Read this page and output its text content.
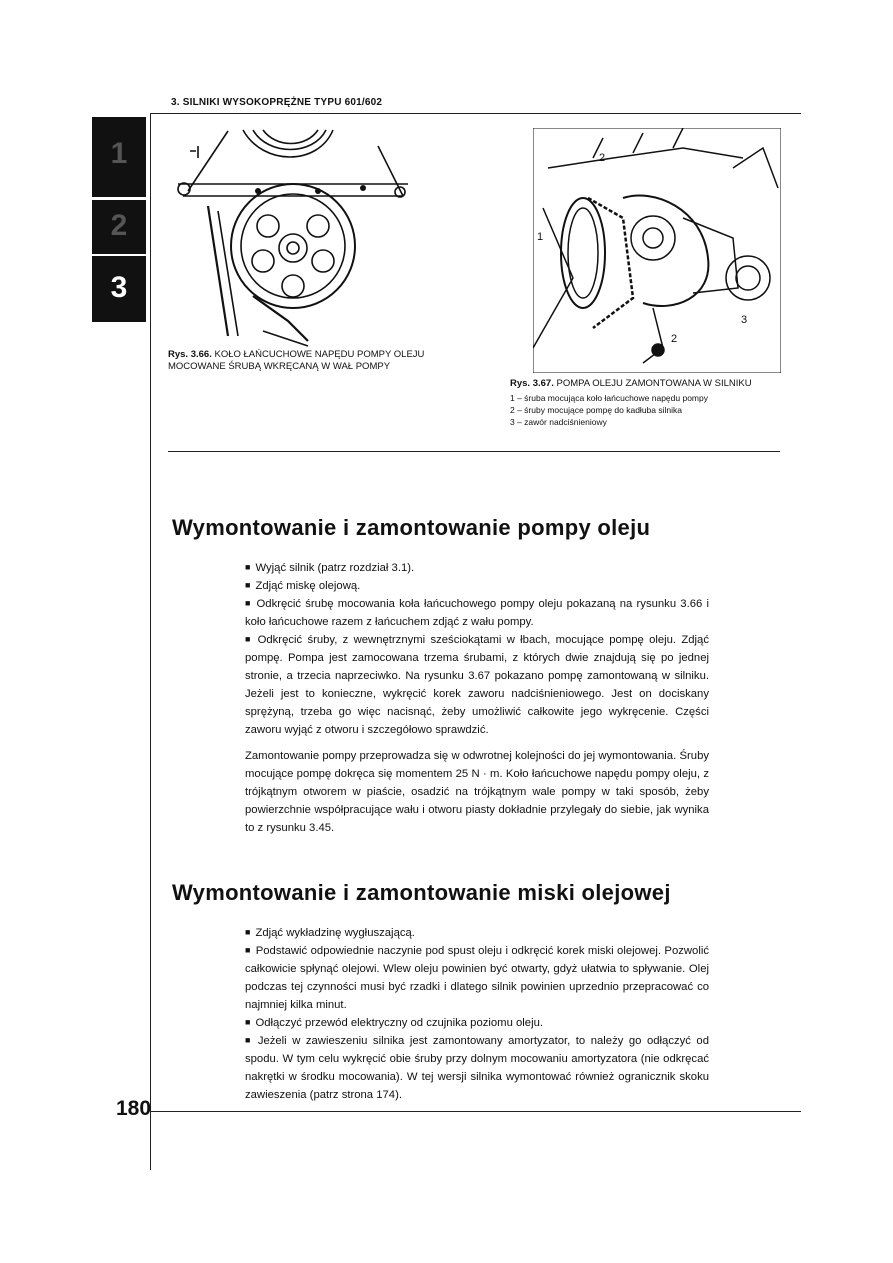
3. SILNIKI WYSOKOPRĘŻNE TYPU 601/602
1
2
3
Rys. 3.66. KOŁO ŁAŃCUCHOWE NAPĘDU POMPY OLEJU MOCOWANE ŚRUBĄ WKRĘCANĄ W WAŁ POMPY
1
2
2
3
Rys. 3.67. POMPA OLEJU ZAMONTOWANA W SILNIKU
1 – śruba mocująca koło łańcuchowe napędu pompy
2 – śruby mocujące pompę do kadłuba silnika
3 – zawór nadciśnieniowy
Wymontowanie i zamontowanie pompy oleju

■ Wyjąć silnik (patrz rozdział 3.1).

■ Zdjąć miskę olejową.

■ Odkręcić śrubę mocowania koła łańcuchowego pompy oleju pokazaną na rysunku 3.66 i koło łańcuchowe razem z łańcuchem zdjąć z wału pompy.

■ Odkręcić śruby, z wewnętrznymi sześciokątami w łbach, mocujące pompę oleju. Zdjąć pompę. Pompa jest zamocowana trzema śrubami, z których dwie znajdują się po jednej stronie, a trzecia naprzeciwko. Na rysunku 3.67 pokazano pompę zamontowaną w silniku. Jeżeli jest to konieczne, wykręcić korek zaworu nadciśnieniowego. Jest on dociskany sprężyną, trzeba go więc nacisnąć, żeby umożliwić całkowite jego wykręcenie. Części zaworu wyjąć z otworu i szczegółowo sprawdzić.

Zamontowanie pompy przeprowadza się w odwrotnej kolejności do jej wymontowania. Śruby mocujące pompę dokręca się momentem 25 N · m. Koło łańcuchowe napędu pompy oleju, z trójkątnym otworem w piaście, osadzić na trójkątnym wale pompy w taki sposób, żeby powierzchnie współpracujące wału i otworu piasty dokładnie przylegały do siebie, jak wynika to z rysunku 3.45.

Wymontowanie i zamontowanie miski olejowej

■ Zdjąć wykładzinę wygłuszającą.

■ Podstawić odpowiednie naczynie pod spust oleju i odkręcić korek miski olejowej. Pozwolić całkowicie spłynąć olejowi. Wlew oleju powinien być otwarty, gdyż ułatwia to spływanie. Olej podczas tej czynności musi być rzadki i dlatego silnik powinien uprzednio przepracować co najmniej kilka minut.

■ Odłączyć przewód elektryczny od czujnika poziomu oleju.

■ Jeżeli w zawieszeniu silnika jest zamontowany amortyzator, to należy go odłączyć od spodu. W tym celu wykręcić obie śruby przy dolnym mocowaniu amortyzatora (nie odkręcać nakrętki w środku mocowania). W tej wersji silnika wymontować również ogranicznik skoku zawieszenia (patrz strona 174).

180
